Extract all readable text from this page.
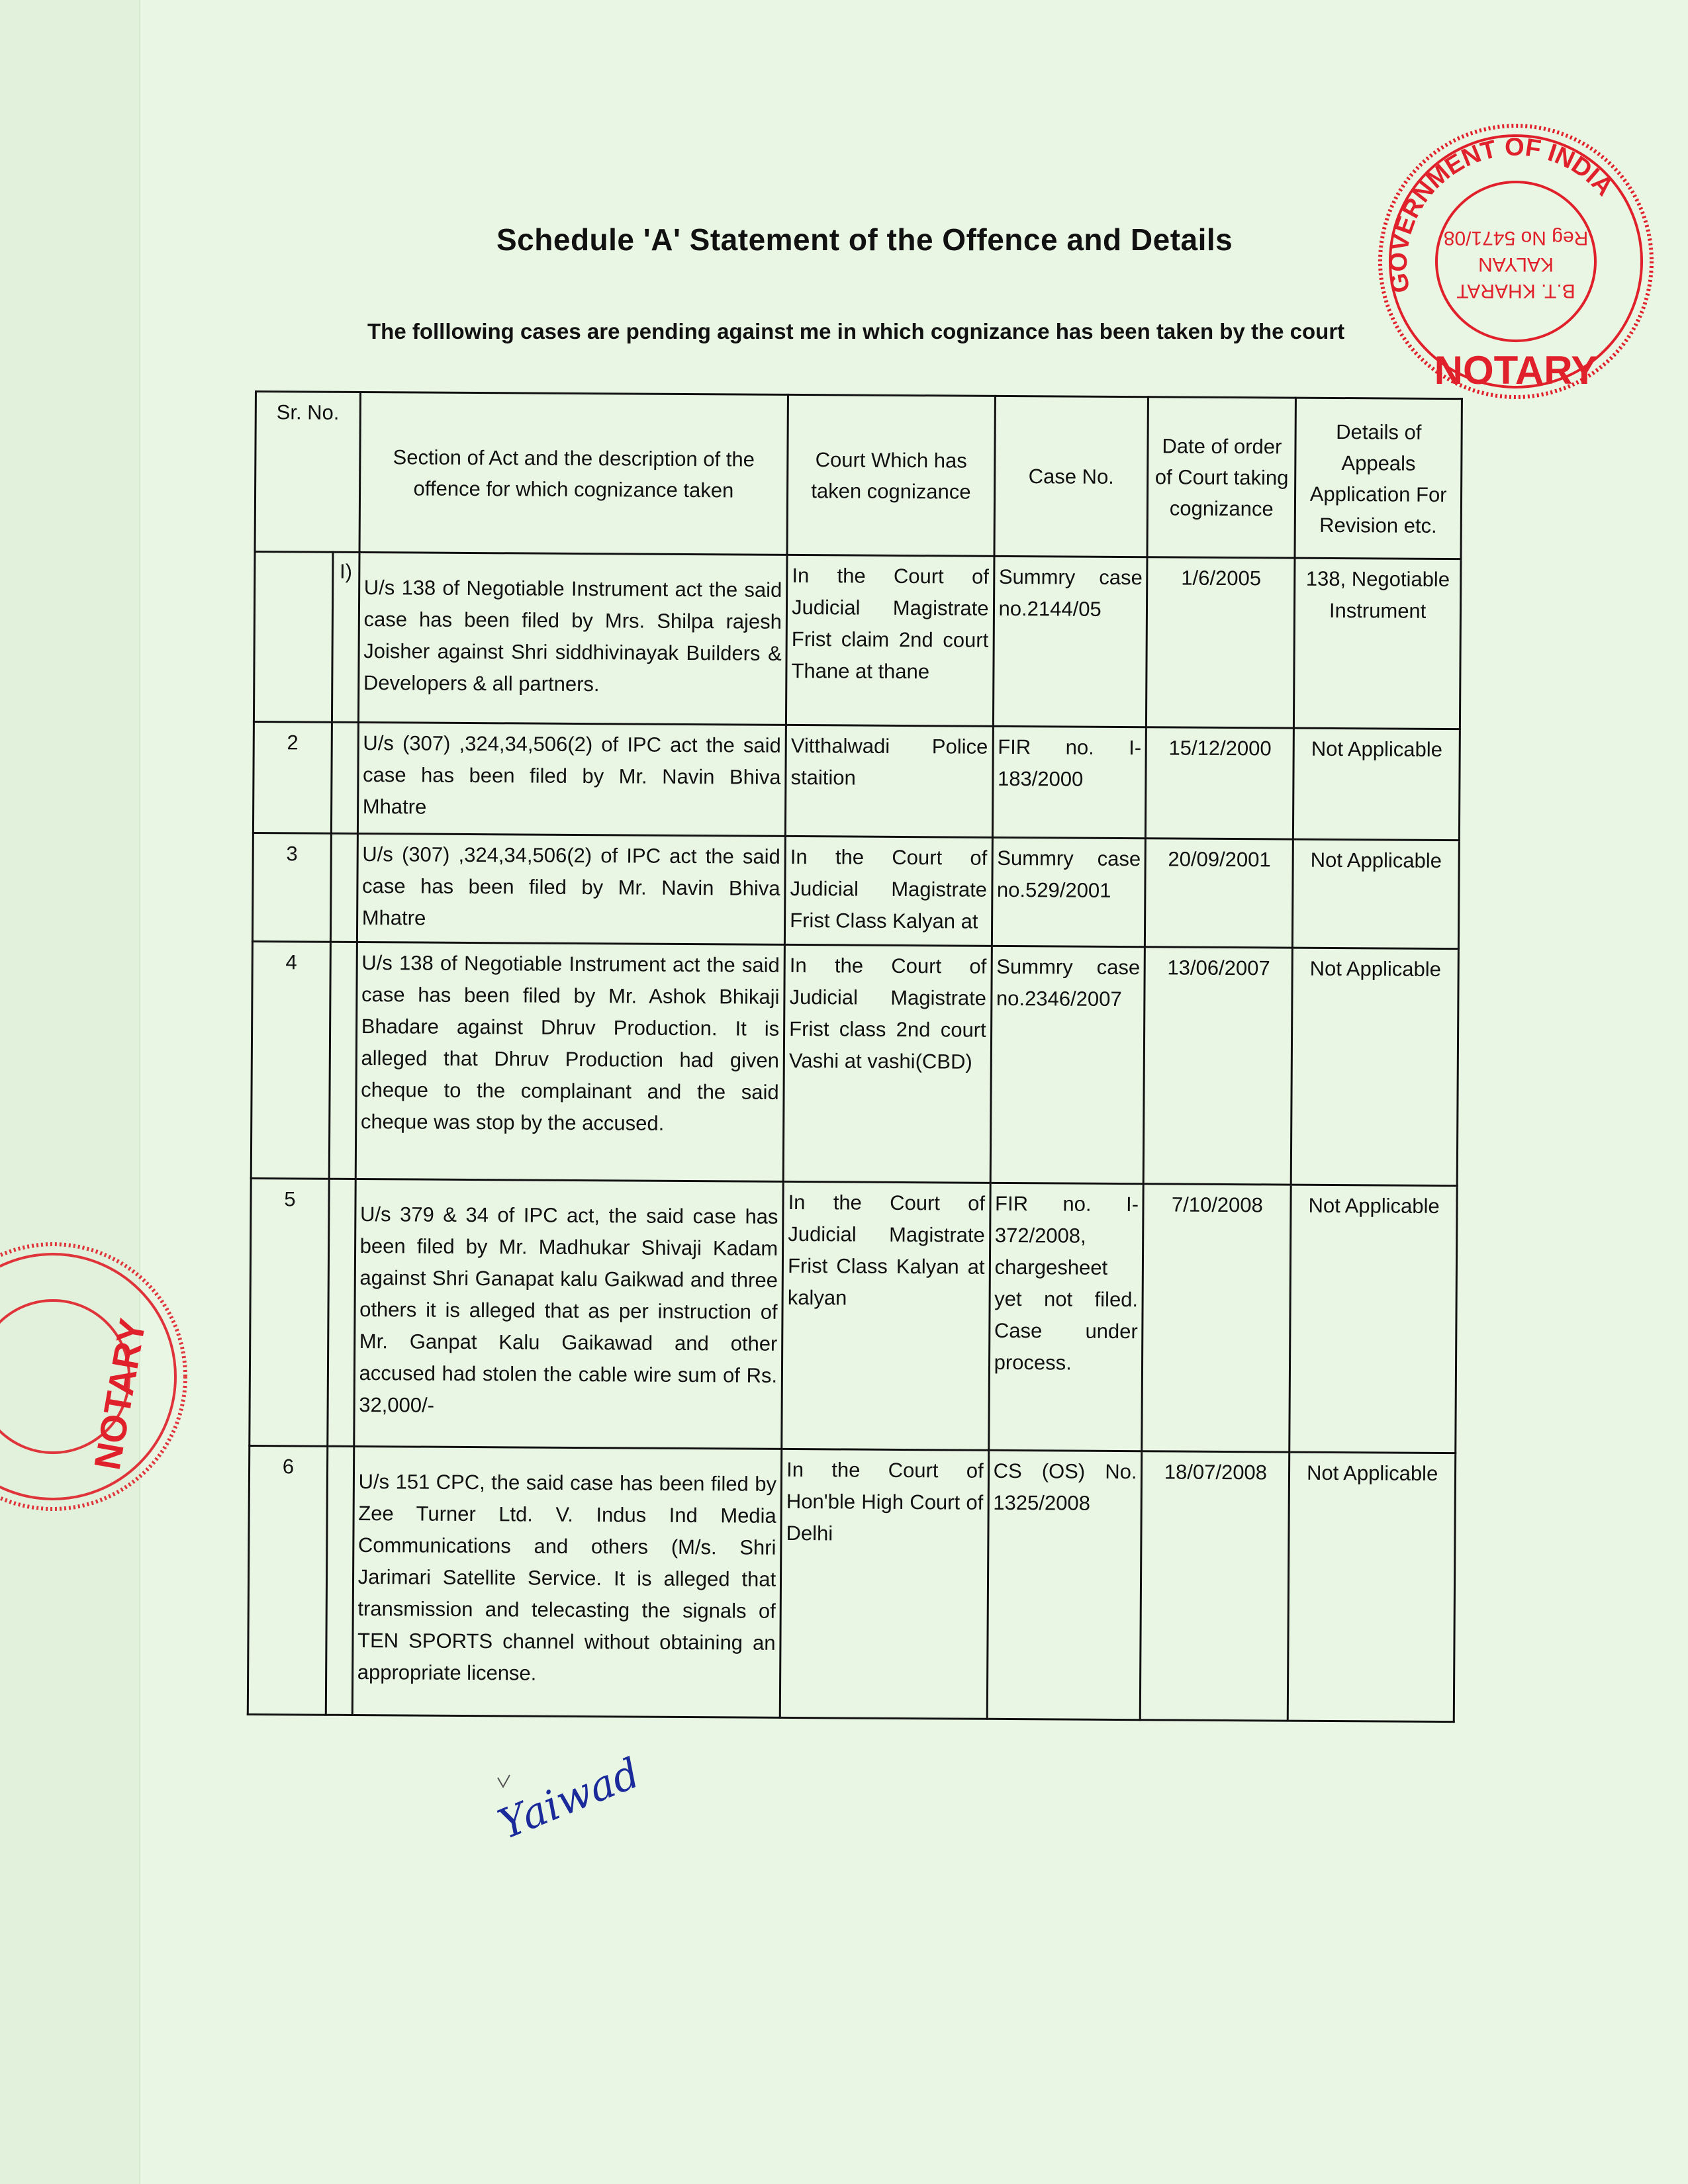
Schedule 'A' Statement of the Offence and Details
The folllowing cases are pending against me in which cognizance has been taken by the court
Sr. No.		Section of Act and the description of the offence for which cognizance taken	Court Which has taken cognizance	Case No.	Date of order of Court taking cognizance	Details of Appeals Application For Revision etc.
	I)	U/s 138 of Negotiable Instrument act the said case has been filed by Mrs. Shilpa rajesh Joisher against Shri siddhivinayak Builders & Developers & all partners.	In the Court of Judicial Magistrate Frist claim 2nd court Thane at thane	Summry case no.2144/05	1/6/2005	138, Negotiable Instrument
2		U/s (307) ,324,34,506(2) of IPC act the said case has been filed by Mr. Navin Bhiva Mhatre	Vitthalwadi Police staition	FIR no. I-183/2000	15/12/2000	Not Applicable
3		U/s (307) ,324,34,506(2) of IPC act the said case has been filed by Mr. Navin Bhiva Mhatre	In the Court of Judicial Magistrate Frist Class Kalyan at	Summry case no.529/2001	20/09/2001	Not Applicable
4		U/s 138 of Negotiable Instrument act the said case has been filed by Mr. Ashok Bhikaji Bhadare against Dhruv Production. It is alleged that Dhruv Production had given cheque to the complainant and the said cheque was stop by the accused.	In the Court of Judicial Magistrate Frist class 2nd court Vashi at vashi(CBD)	Summry case no.2346/2007	13/06/2007	Not Applicable
5		U/s 379 & 34 of IPC act, the said case has been filed by Mr. Madhukar Shivaji Kadam against Shri Ganapat kalu Gaikwad and three others it is alleged that as per instruction of Mr. Ganpat Kalu Gaikawad and other accused had stolen the cable wire sum of Rs. 32,000/-	In the Court of Judicial Magistrate Frist Class Kalyan at kalyan	FIR no. I-372/2008, chargesheet yet not filed. Case under process.	7/10/2008	Not Applicable
6		U/s 151 CPC, the said case has been filed by Zee Turner Ltd. V. Indus Ind Media Communications and others (M/s. Shri Jarimari Satellite Service. It is alleged that transmission and telecasting the signals of TEN SPORTS channel without obtaining an appropriate license.	In the Court of Hon'ble High Court of Delhi	CS (OS) No. 1325/2008	18/07/2008	Not Applicable
GOVERNMENT OF INDIA
NOTARY
B.T. KHARAT
KALYAN
Reg No 5471/08
NOTARY
Yaiwad
